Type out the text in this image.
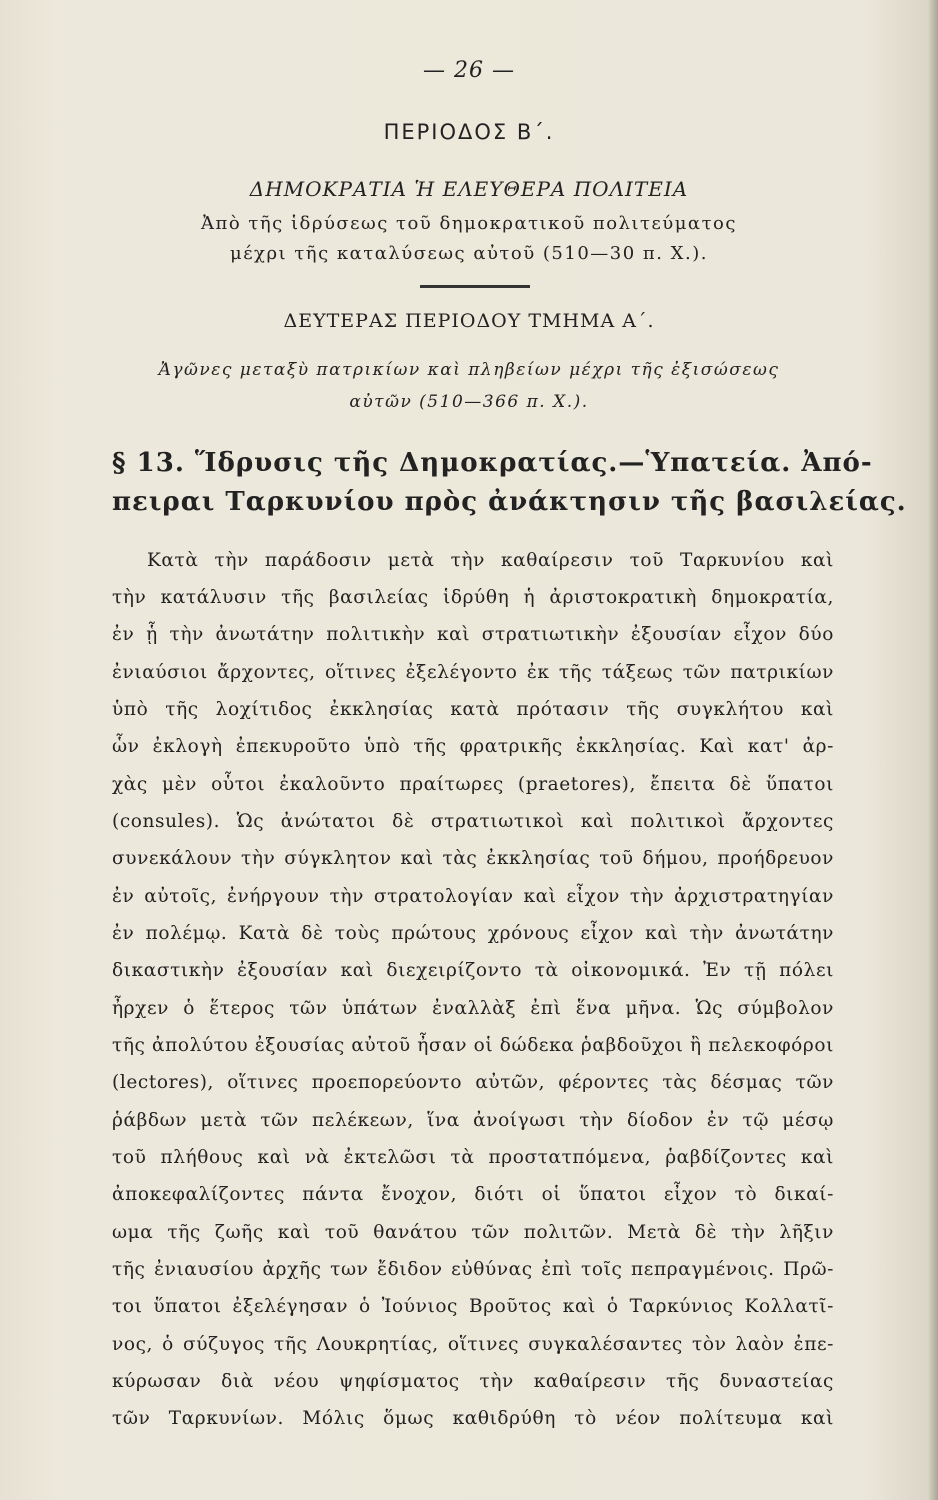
— 26 —
ΠΕΡΙΟΔΟΣ Β΄.
ΔΗΜΟΚΡΑΤΙΑ Ἡ ΕΛΕΥΘΕΡΑ ΠΟΛΙΤΕΙΑ
Ἀπὸ τῆς ἱδρύσεως τοῦ δημοκρατικοῦ πολιτεύματος
μέχρι τῆς καταλύσεως αὐτοῦ (510—30 π. Χ.).
ΔΕΥΤΕΡΑΣ ΠΕΡΙΟΔΟΥ ΤΜΗΜΑ Α΄.
Ἀγῶνες μεταξὺ πατρικίων καὶ πληβείων μέχρι τῆς ἐξισώσεως
αὐτῶν (510—366 π. Χ.).
§ 13. Ἵδρυσις τῆς Δημοκρατίας.—Ὑπατεία. Ἀπό-
πειραι Ταρκυνίου πρὸς ἀνάκτησιν τῆς βασιλείας.
Κατὰ τὴν παράδοσιν μετὰ τὴν καθαίρεσιν τοῦ Ταρκυνίου καὶ
τὴν κατάλυσιν τῆς βασιλείας ἱδρύθη ἡ ἀριστοκρατικὴ δημοκρατία,
ἐν ᾗ τὴν ἀνωτάτην πολιτικὴν καὶ στρατιωτικὴν ἐξουσίαν εἶχον δύο
ἐνιαύσιοι ἄρχοντες, οἵτινες ἐξελέγοντο ἐκ τῆς τάξεως τῶν πατρικίων
ὑπὸ τῆς λοχίτιδος ἐκκλησίας κατὰ πρότασιν τῆς συγκλήτου καὶ
ὧν ἐκλογὴ ἐπεκυροῦτο ὑπὸ τῆς φρατρικῆς ἐκκλησίας. Καὶ κατ' ἀρ-
χὰς μὲν οὗτοι ἐκαλοῦντο πραίτωρες (praetores), ἔπειτα δὲ ὕπατοι
(consules). Ὡς ἀνώτατοι δὲ στρατιωτικοὶ καὶ πολιτικοὶ ἄρχοντες
συνεκάλουν τὴν σύγκλητον καὶ τὰς ἐκκλησίας τοῦ δήμου, προήδρευον
ἐν αὐτοῖς, ἐνήργουν τὴν στρατολογίαν καὶ εἶχον τὴν ἀρχιστρατηγίαν
ἐν πολέμῳ. Κατὰ δὲ τοὺς πρώτους χρόνους εἶχον καὶ τὴν ἀνωτάτην
δικαστικὴν ἐξουσίαν καὶ διεχειρίζοντο τὰ οἰκονομικά. Ἐν τῇ πόλει
ἦρχεν ὁ ἕτερος τῶν ὑπάτων ἐναλλὰξ ἐπὶ ἕνα μῆνα. Ὡς σύμβολον
τῆς ἀπολύτου ἐξουσίας αὐτοῦ ἦσαν οἱ δώδεκα ῥαβδοῦχοι ἢ πελεκοφόροι
(lectores), οἵτινες προεπορεύοντο αὐτῶν, φέροντες τὰς δέσμας τῶν
ῥάβδων μετὰ τῶν πελέκεων, ἵνα ἀνοίγωσι τὴν δίοδον ἐν τῷ μέσῳ
τοῦ πλήθους καὶ νὰ ἐκτελῶσι τὰ προστατπόμενα, ῥαβδίζοντες καὶ
ἀποκεφαλίζοντες πάντα ἔνοχον, διότι οἱ ὕπατοι εἶχον τὸ δικαί-
ωμα τῆς ζωῆς καὶ τοῦ θανάτου τῶν πολιτῶν. Μετὰ δὲ τὴν λῆξιν
τῆς ἐνιαυσίου ἀρχῆς των ἔδιδον εὐθύνας ἐπὶ τοῖς πεπραγμένοις. Πρῶ-
τοι ὕπατοι ἐξελέγησαν ὁ Ἰούνιος Βροῦτος καὶ ὁ Ταρκύνιος Κολλατῖ-
νος, ὁ σύζυγος τῆς Λουκρητίας, οἵτινες συγκαλέσαντες τὸν λαὸν ἐπε-
κύρωσαν διὰ νέου ψηφίσματος τὴν καθαίρεσιν τῆς δυναστείας
τῶν Ταρκυνίων. Μόλις ὅμως καθιδρύθη τὸ νέον πολίτευμα καὶ
